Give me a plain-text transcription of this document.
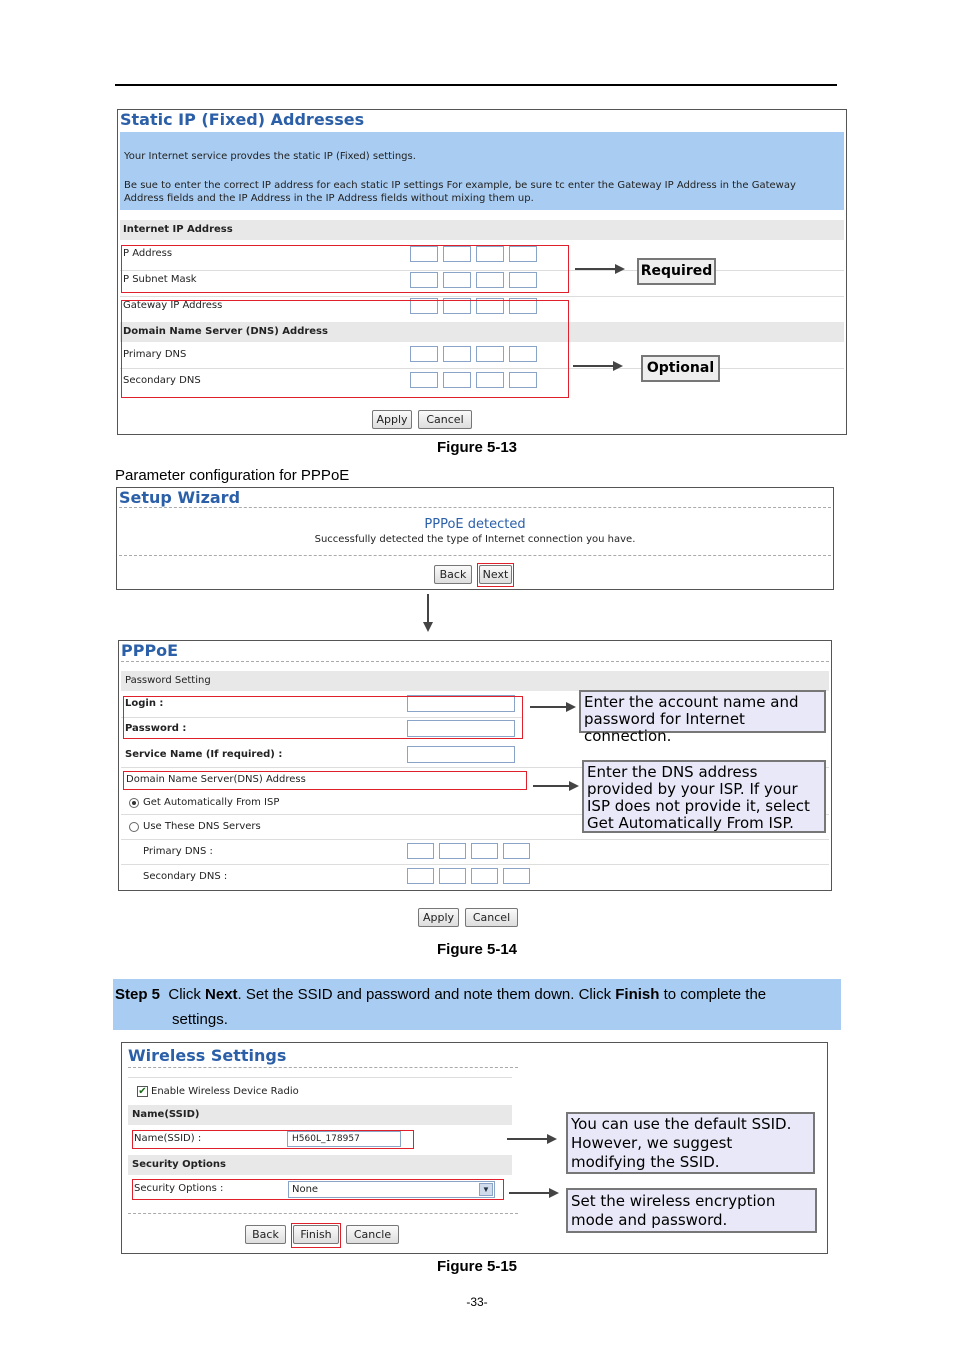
Static IP (Fixed) Addresses
Your Internet service provdes the static IP (Fixed) settings.
Be sue to enter the correct IP address for each static IP settings For example, be sure tc enter the Gateway IP Address in the Gateway Address fields and the IP Address in the IP Address fields without mixing them up.
Internet IP Address
P Address
P Subnet Mask
Gateway IP Address
Domain Name Server (DNS) Address
Primary DNS
Secondary DNS
Apply	Cancel
Required
Optional
Figure 5-13
Parameter configuration for PPPoE
Setup Wizard
PPPoE detected
Successfully detected the type of Internet connection you have.
Back	Next
PPPoE
Password Setting
Login :
Password :
Service Name (If required) :
Domain Name Server(DNS) Address
Get Automatically From ISP
Use These DNS Servers
Primary DNS :
Secondary DNS :
Enter the account name and password for Internet connection.
Enter the DNS address provided by your ISP. If your ISP does not provide it, select Get Automatically From ISP.
Apply	Cancel
Figure 5-14
Step 5 Click Next. Set the SSID and password and note them down. Click Finish to complete the
settings.
Wireless Settings
✔ Enable Wireless Device Radio
Name(SSID)
Name(SSID) :	H560L_178957
Security Options
Security Options :	None	▼
Back	Finish	Cancle
You can use the default SSID. However, we suggest modifying the SSID.
Set the wireless encryption mode and password.
Figure 5-15
-33-
